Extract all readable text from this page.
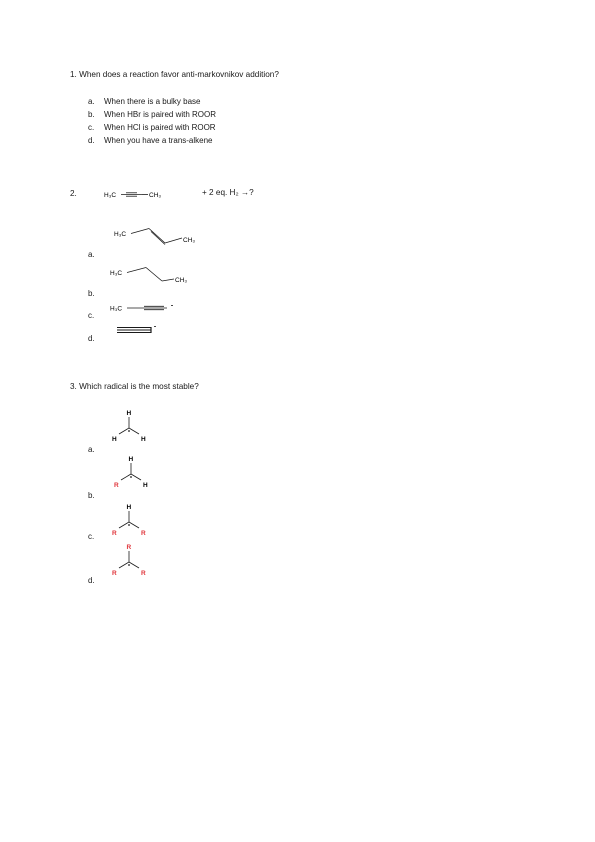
1. When does a reaction favor anti-markovnikov addition?
a. When there is a bulky base
b. When HBr is paired with ROOR
c. When HCl is paired with ROOR
d. When you have a trans-alkene
2.	H₃C	CH₃	+ 2 eq. H₂ →?
H₃C
CH₃
a.
H₃C
CH₃
b.
H₃C
c.
d.
3. Which radical is the most stable?
H
H	H
a.
H
R	H
b.
H
R	R
c.
R
R	R
d.
